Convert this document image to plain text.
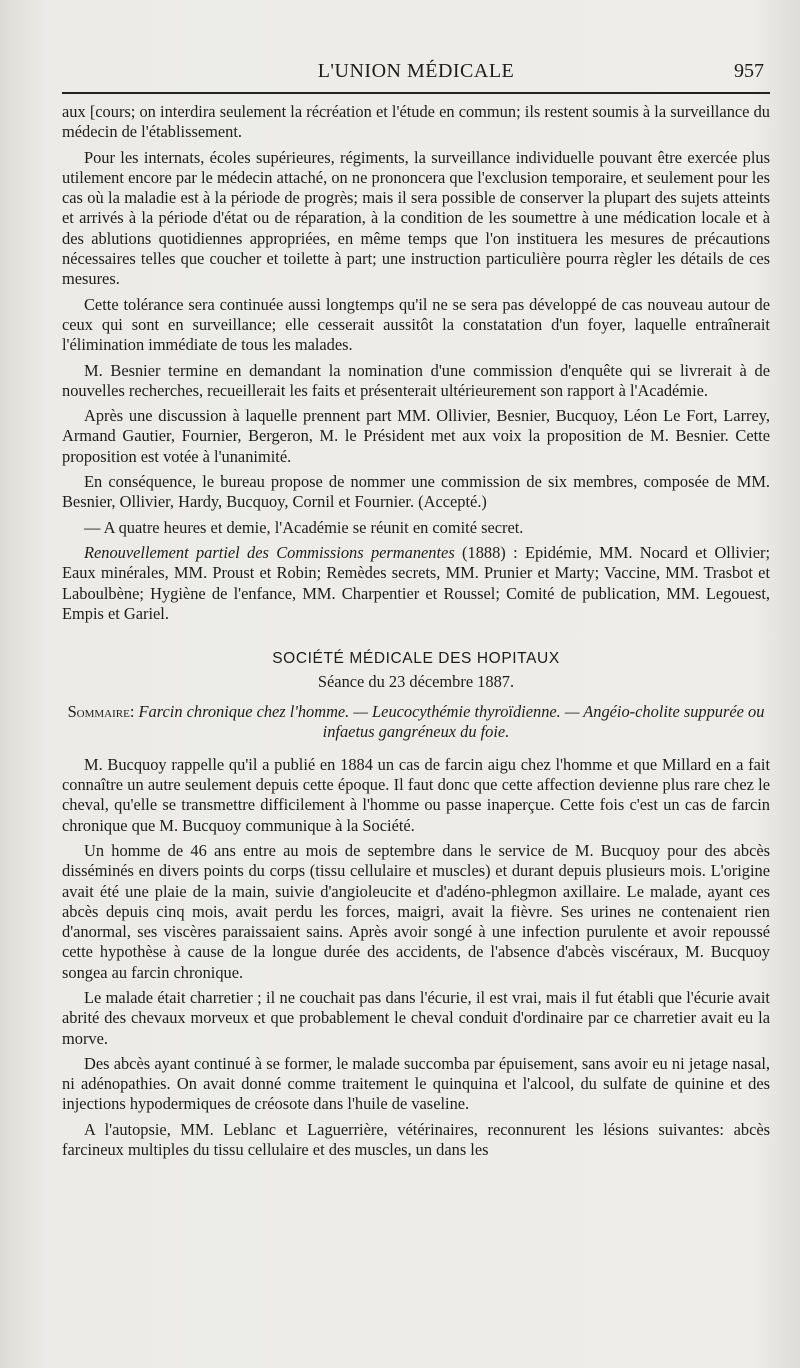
L'UNION MÉDICALE	957

aux [cours; on interdira seulement la récréation et l'étude en commun; ils restent soumis à la surveillance du médecin de l'établissement.

Pour les internats, écoles supérieures, régiments, la surveillance individuelle pouvant être exercée plus utilement encore par le médecin attaché, on ne prononcera que l'exclusion temporaire, et seulement pour les cas où la maladie est à la période de progrès; mais il sera possible de conserver la plupart des sujets atteints et arrivés à la période d'état ou de réparation, à la condition de les soumettre à une médication locale et à des ablutions quotidiennes appropriées, en même temps que l'on instituera les mesures de précautions nécessaires telles que coucher et toilette à part; une instruction particulière pourra règler les détails de ces mesures.

Cette tolérance sera continuée aussi longtemps qu'il ne se sera pas développé de cas nouveau autour de ceux qui sont en surveillance; elle cesserait aussitôt la constatation d'un foyer, laquelle entraînerait l'élimination immédiate de tous les malades.

M. Besnier termine en demandant la nomination d'une commission d'enquête qui se livrerait à de nouvelles recherches, recueillerait les faits et présenterait ultérieurement son rapport à l'Académie.

Après une discussion à laquelle prennent part MM. Ollivier, Besnier, Bucquoy, Léon Le Fort, Larrey, Armand Gautier, Fournier, Bergeron, M. le Président met aux voix la proposition de M. Besnier. Cette proposition est votée à l'unanimité.

En conséquence, le bureau propose de nommer une commission de six membres, composée de MM. Besnier, Ollivier, Hardy, Bucquoy, Cornil et Fournier. (Accepté.)

— A quatre heures et demie, l'Académie se réunit en comité secret.

Renouvellement partiel des Commissions permanentes (1888) : Epidémie, MM. Nocard et Ollivier; Eaux minérales, MM. Proust et Robin; Remèdes secrets, MM. Prunier et Marty; Vaccine, MM. Trasbot et Laboulbène; Hygiène de l'enfance, MM. Charpentier et Roussel; Comité de publication, MM. Legouest, Empis et Gariel.

SOCIÉTÉ MÉDICALE DES HOPITAUX
Séance du 23 décembre 1887.
Sommaire: Farcin chronique chez l'homme. — Leucocythémie thyroïdienne. — Angéio-cholite suppurée ou infaetus gangréneux du foie.

M. Bucquoy rappelle qu'il a publié en 1884 un cas de farcin aigu chez l'homme et que Millard en a fait connaître un autre seulement depuis cette époque. Il faut donc que cette affection devienne plus rare chez le cheval, qu'elle se transmettre difficilement à l'homme ou passe inaperçue. Cette fois c'est un cas de farcin chronique que M. Bucquoy communique à la Société.

Un homme de 46 ans entre au mois de septembre dans le service de M. Bucquoy pour des abcès disséminés en divers points du corps (tissu cellulaire et muscles) et durant depuis plusieurs mois. L'origine avait été une plaie de la main, suivie d'angioleucite et d'adéno-phlegmon axillaire. Le malade, ayant ces abcès depuis cinq mois, avait perdu les forces, maigri, avait la fièvre. Ses urines ne contenaient rien d'anormal, ses viscères paraissaient sains. Après avoir songé à une infection purulente et avoir repoussé cette hypothèse à cause de la longue durée des accidents, de l'absence d'abcès viscéraux, M. Bucquoy songea au farcin chronique.

Le malade était charretier ; il ne couchait pas dans l'écurie, il est vrai, mais il fut établi que l'écurie avait abrité des chevaux morveux et que probablement le cheval conduit d'ordinaire par ce charretier avait eu la morve.

Des abcès ayant continué à se former, le malade succomba par épuisement, sans avoir eu ni jetage nasal, ni adénopathies. On avait donné comme traitement le quinquina et l'alcool, du sulfate de quinine et des injections hypodermiques de créosote dans l'huile de vaseline.

A l'autopsie, MM. Leblanc et Laguerrière, vétérinaires, reconnurent les lésions suivantes: abcès farcineux multiples du tissu cellulaire et des muscles, un dans les
